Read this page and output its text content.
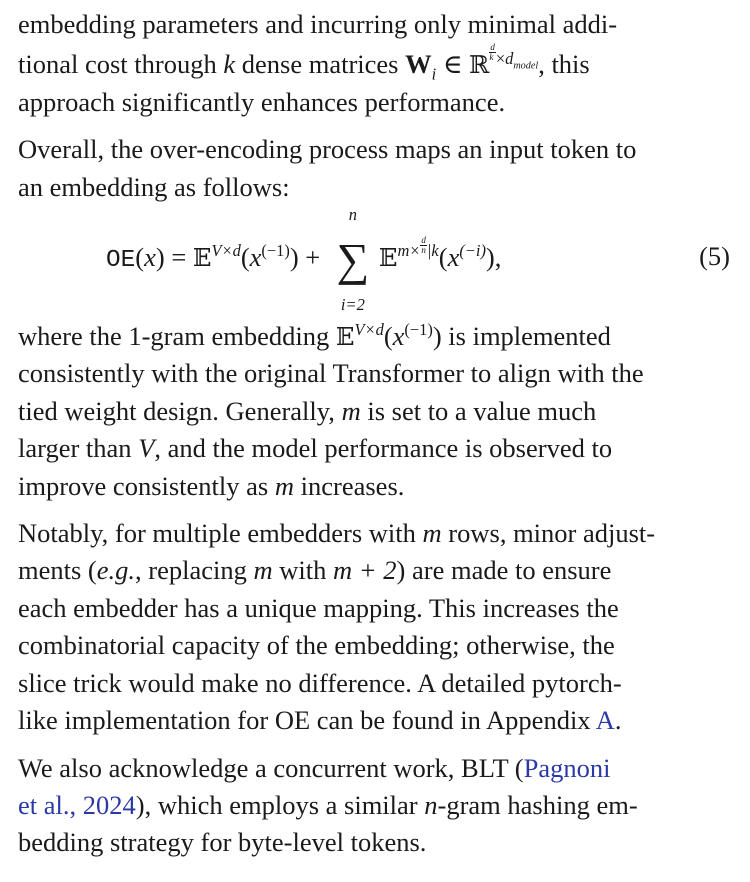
embedding parameters and incurring only minimal addi-
tional cost through k dense matrices $W_i$ ∈ ℝ $^{\frac{d}{k} \times d_{model}}$, this
approach significantly enhances performance.

Overall, the over-encoding process maps an input token to
an embedding as follows:

$OE(x) = 𝔼^{V\times d}(x^{(-1)})$ +
n
∑
i=2
$𝔼^{m\times \frac{d}{n} |k}(x^{(-i)})$,	(5)

where the 1-gram embedding $𝔼^{V\times d}(x^{(-1)})$ is implemented
consistently with the original Transformer to align with the
tied weight design. Generally, m is set to a value much
larger than V, and the model performance is observed to
improve consistently as m increases.

Notably, for multiple embedders with m rows, minor adjust-
ments (e.g., replacing m with m + 2) are made to ensure
each embedder has a unique mapping. This increases the
combinatorial capacity of the embedding; otherwise, the
slice trick would make no difference. A detailed pytorch-
like implementation for OE can be found in Appendix A.

We also acknowledge a concurrent work, BLT (Pagnoni
et al., 2024), which employs a similar n-gram hashing em-
bedding strategy for byte-level tokens.
